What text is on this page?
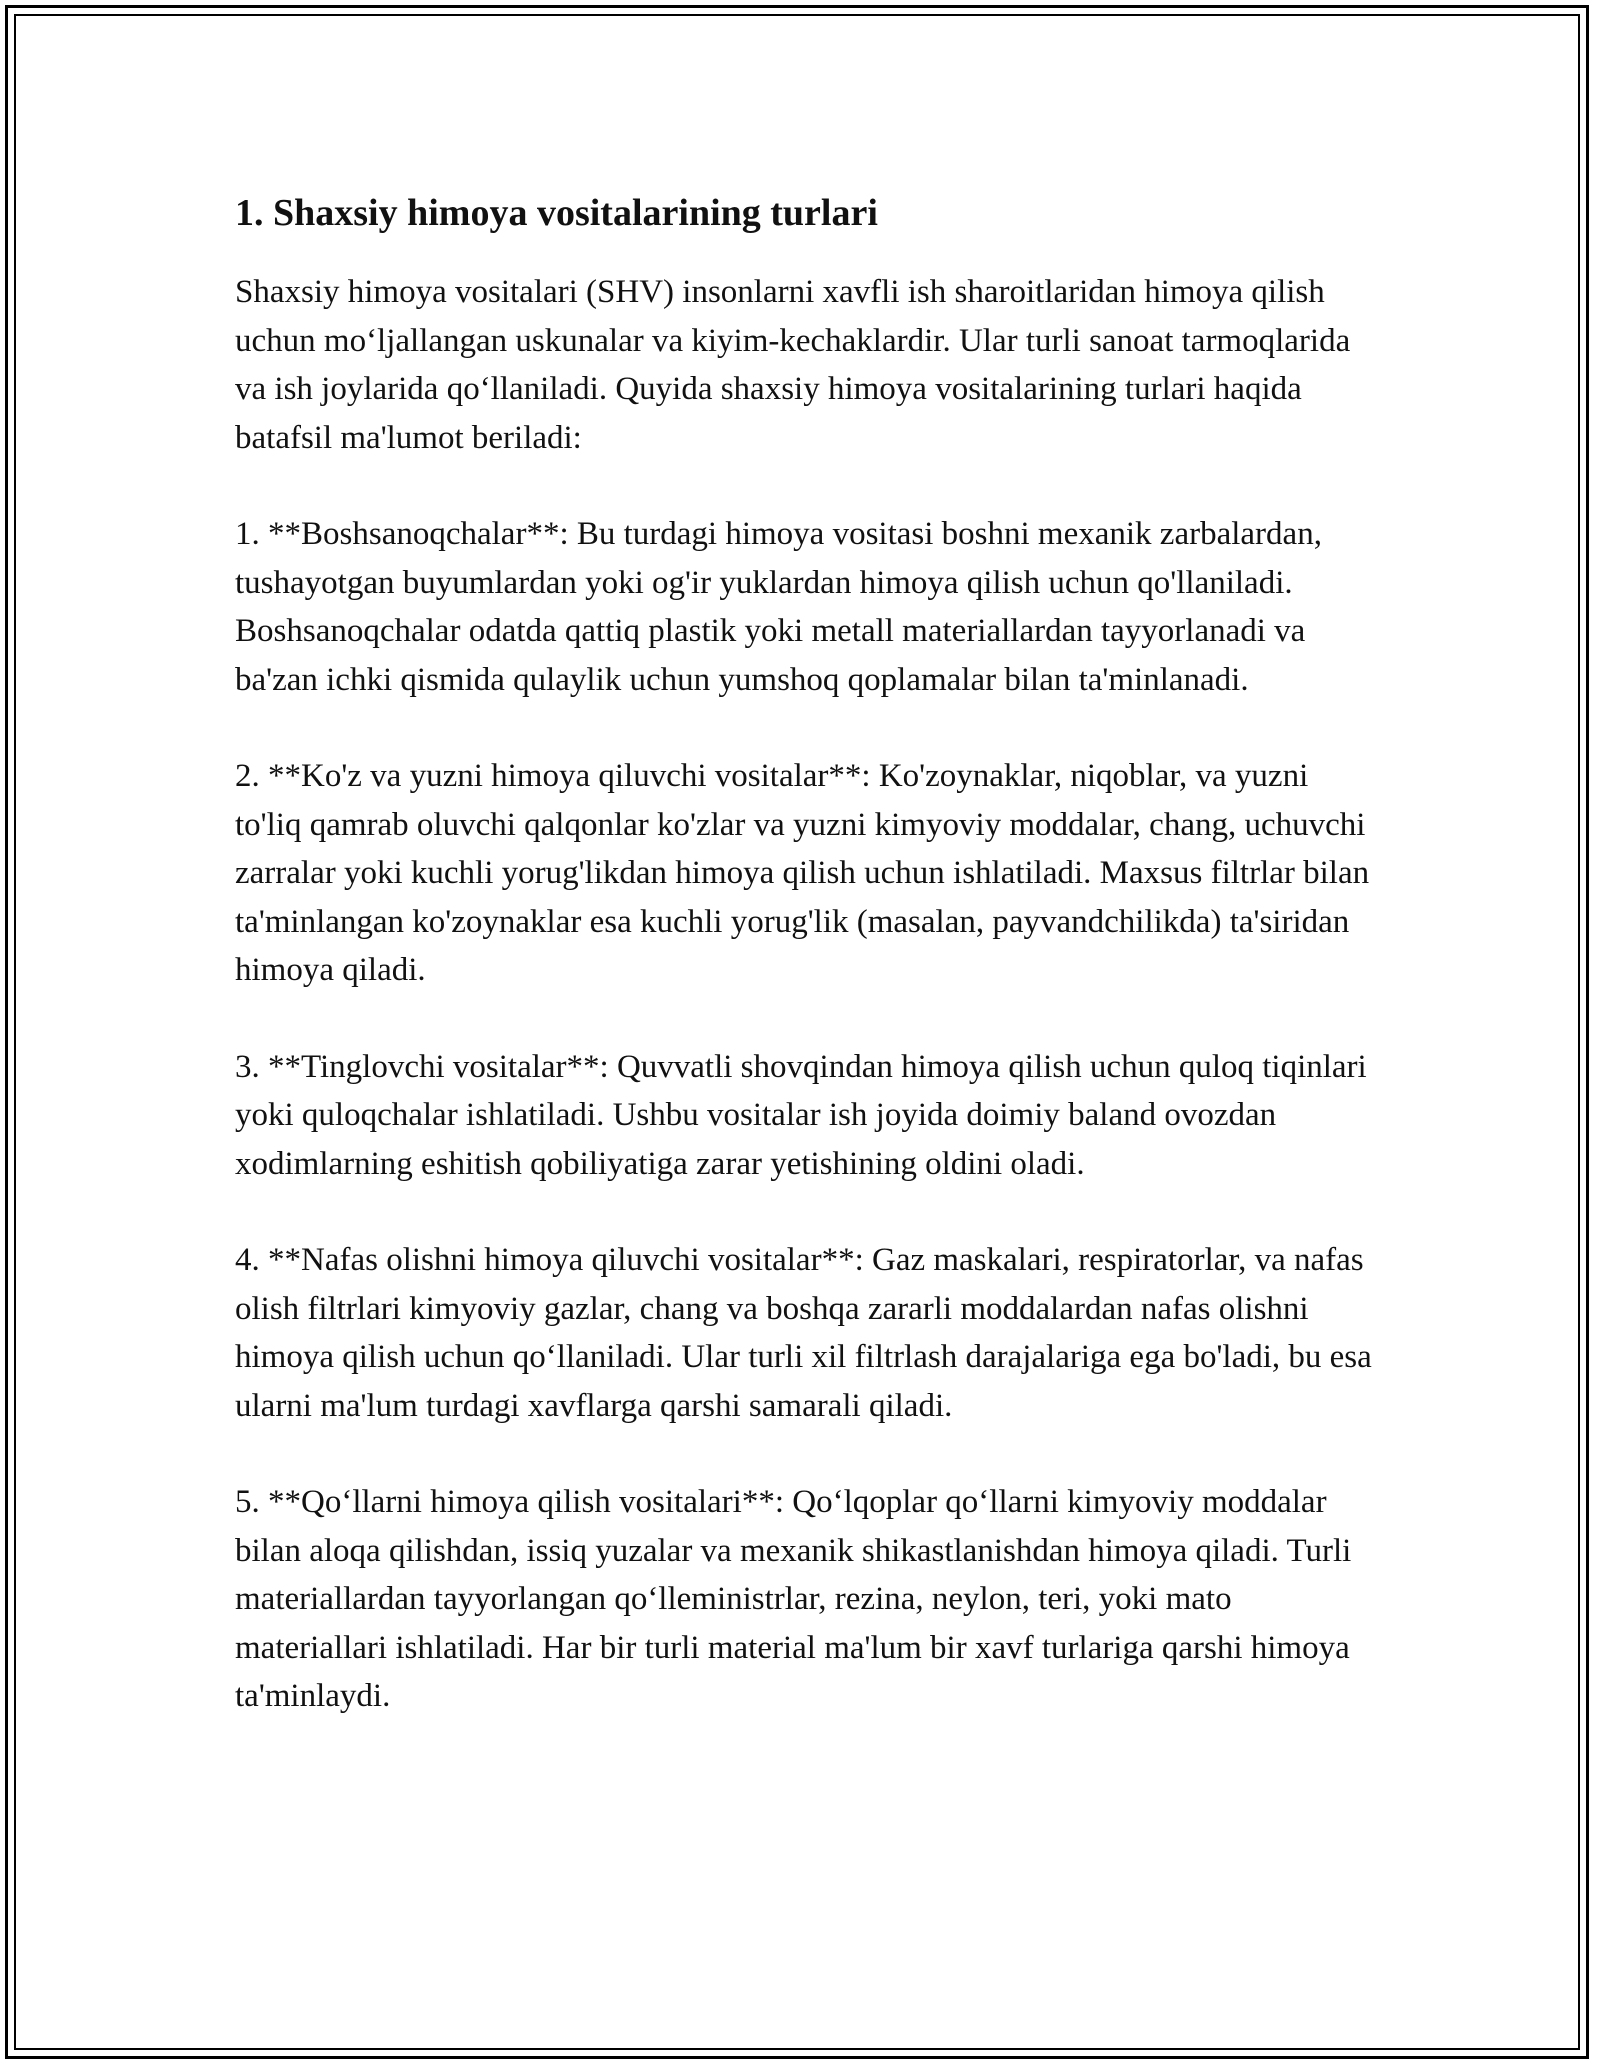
1. Shaxsiy himoya vositalarining turlari

Shaxsiy himoya vositalari (SHV) insonlarni xavfli ish sharoitlaridan himoya qilish uchun mo‘ljallangan uskunalar va kiyim-kechaklardir. Ular turli sanoat tarmoqlarida va ish joylarida qo‘llaniladi. Quyida shaxsiy himoya vositalarining turlari haqida batafsil ma'lumot beriladi:

1. **Boshsanoqchalar**: Bu turdagi himoya vositasi boshni mexanik zarbalardan, tushayotgan buyumlardan yoki og'ir yuklardan himoya qilish uchun qo'llaniladi. Boshsanoqchalar odatda qattiq plastik yoki metall materiallardan tayyorlanadi va ba'zan ichki qismida qulaylik uchun yumshoq qoplamalar bilan ta'minlanadi.

2. **Ko'z va yuzni himoya qiluvchi vositalar**: Ko'zoynaklar, niqoblar, va yuzni to'liq qamrab oluvchi qalqonlar ko'zlar va yuzni kimyoviy moddalar, chang, uchuvchi zarralar yoki kuchli yorug'likdan himoya qilish uchun ishlatiladi. Maxsus filtrlar bilan ta'minlangan ko'zoynaklar esa kuchli yorug'lik (masalan, payvandchilikda) ta'siridan himoya qiladi.

3. **Tinglovchi vositalar**: Quvvatli shovqindan himoya qilish uchun quloq tiqinlari yoki quloqchalar ishlatiladi. Ushbu vositalar ish joyida doimiy baland ovozdan xodimlarning eshitish qobiliyatiga zarar yetishining oldini oladi.

4. **Nafas olishni himoya qiluvchi vositalar**: Gaz maskalari, respiratorlar, va nafas olish filtrlari kimyoviy gazlar, chang va boshqa zararli moddalardan nafas olishni himoya qilish uchun qo‘llaniladi. Ular turli xil filtrlash darajalariga ega bo'ladi, bu esa ularni ma'lum turdagi xavflarga qarshi samarali qiladi.

5. **Qo‘llarni himoya qilish vositalari**: Qo‘lqoplar qo‘llarni kimyoviy moddalar bilan aloqa qilishdan, issiq yuzalar va mexanik shikastlanishdan himoya qiladi. Turli materiallardan tayyorlangan qo‘lleministrlar, rezina, neylon, teri, yoki mato materiallari ishlatiladi. Har bir turli material ma'lum bir xavf turlariga qarshi himoya ta'minlaydi.
